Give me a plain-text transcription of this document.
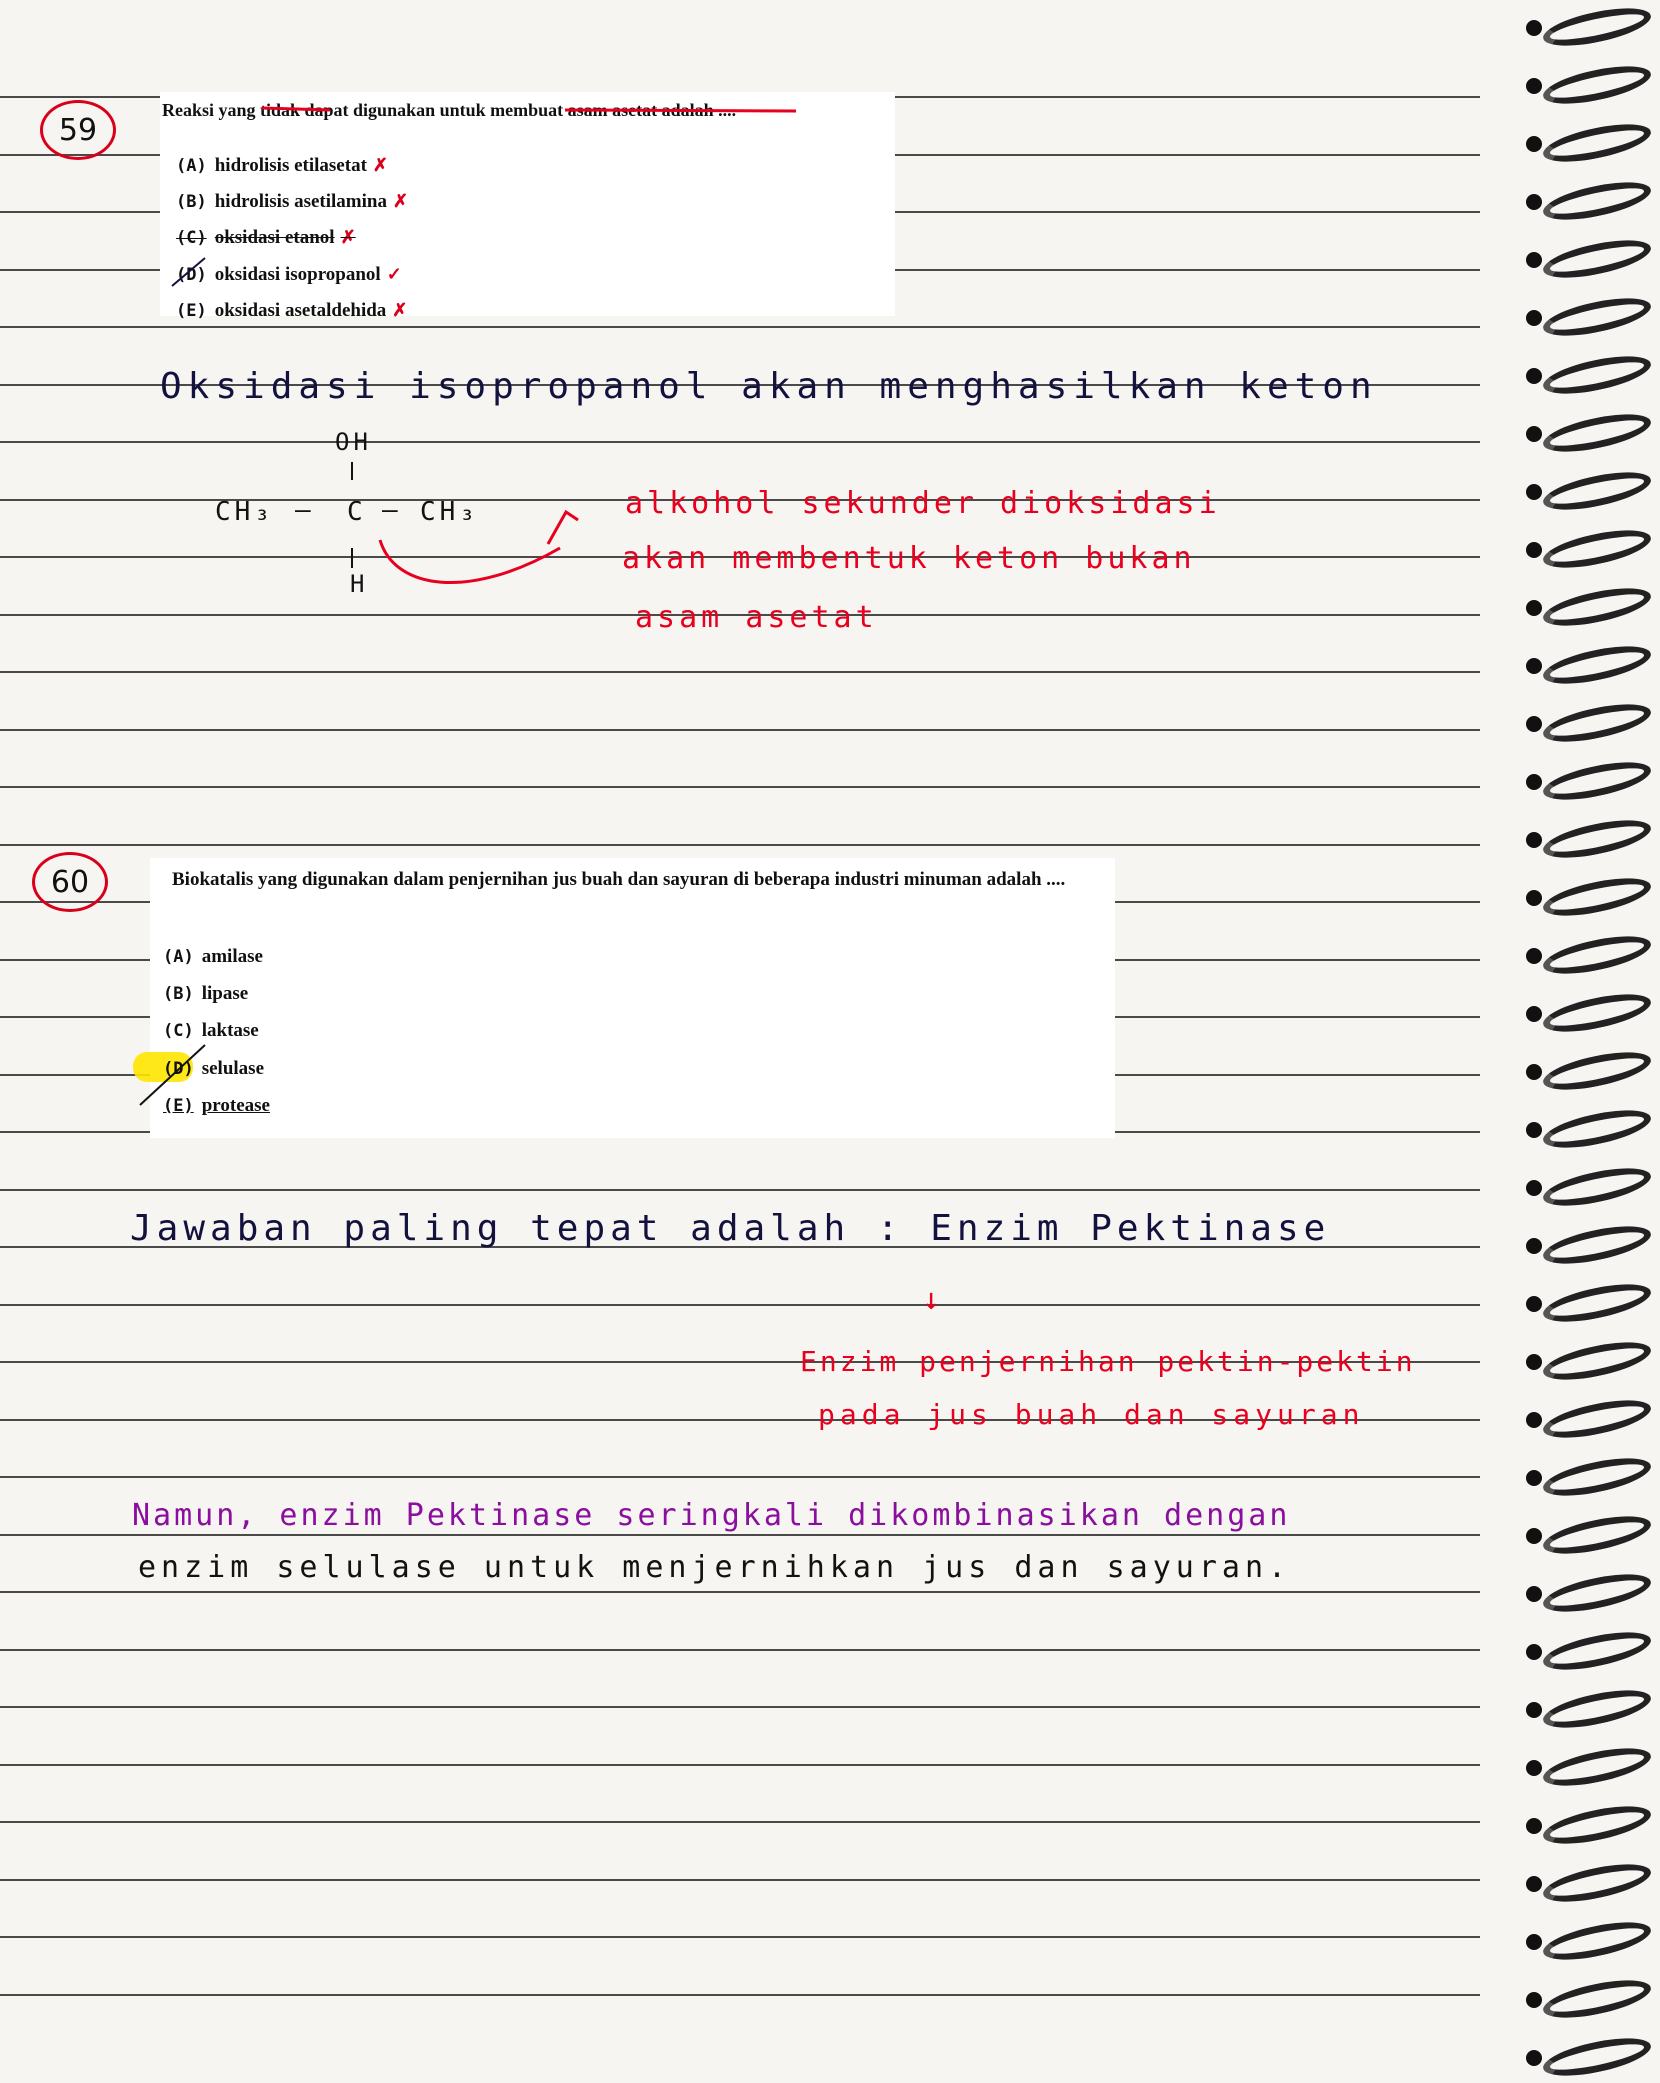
59
Reaksi yang tidak dapat digunakan untuk membuat asam asetat adalah ....
(A) hidrolisis etilasetat ✗
(B) hidrolisis asetilamina ✗
(C) oksidasi etanol ✗
(D) oksidasi isopropanol ✓
(E) oksidasi asetaldehida ✗
Oksidasi isopropanol akan menghasilkan keton
OH
CH₃ — C — CH₃
H
alkohol sekunder dioksidasi
akan membentuk keton bukan
asam asetat
60	Biokatalis yang digunakan dalam penjernihan jus buah dan sayuran di beberapa industri minuman adalah ....
(A) amilase
(B) lipase
(C) laktase
(D) selulase
(E) protease
Jawaban paling tepat adalah : Enzim Pektinase
↓
Enzim penjernihan pektin-pektin
pada jus buah dan sayuran
Namun, enzim Pektinase seringkali dikombinasikan dengan
enzim selulase untuk menjernihkan jus dan sayuran.
